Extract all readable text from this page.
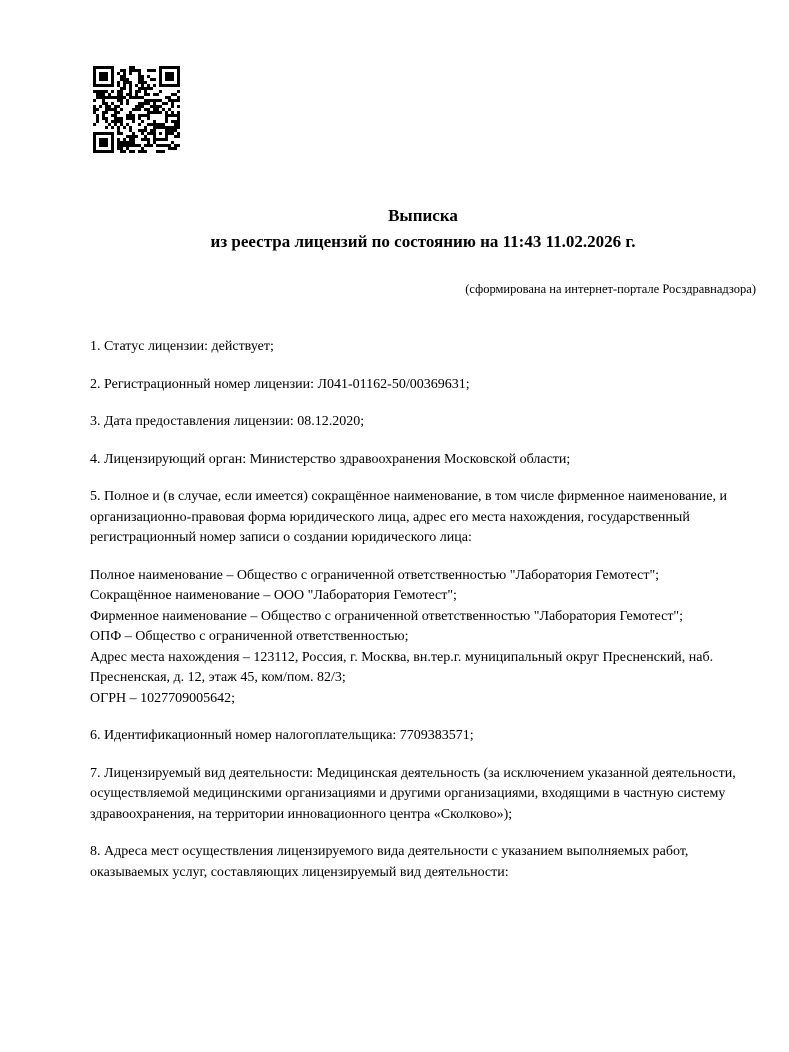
Выписка
из реестра лицензий по состоянию на 11:43 11.02.2026 г.
(сформирована на интернет-портале Росздравнадзора)
1. Статус лицензии: действует;
2. Регистрационный номер лицензии: Л041-01162-50/00369631;
3. Дата предоставления лицензии: 08.12.2020;
4. Лицензирующий орган: Министерство здравоохранения Московской области;
5. Полное и (в случае, если имеется) сокращённое наименование, в том числе фирменное наименование, и организационно-правовая форма юридического лица, адрес его места нахождения, государственный регистрационный номер записи о создании юридического лица:
Полное наименование – Общество с ограниченной ответственностью "Лаборатория Гемотест";
Сокращённое наименование – ООО "Лаборатория Гемотест";
Фирменное наименование – Общество с ограниченной ответственностью "Лаборатория Гемотест";
ОПФ – Общество с ограниченной ответственностью;
Адрес места нахождения – 123112, Россия, г. Москва, вн.тер.г. муниципальный округ Пресненский, наб. Пресненская, д. 12, этаж 45, ком/пом. 82/3;
ОГРН – 1027709005642;
6. Идентификационный номер налогоплательщика: 7709383571;
7. Лицензируемый вид деятельности: Медицинская деятельность (за исключением указанной деятельности, осуществляемой медицинскими организациями и другими организациями, входящими в частную систему здравоохранения, на территории инновационного центра «Сколково»);
8. Адреса мест осуществления лицензируемого вида деятельности с указанием выполняемых работ, оказываемых услуг, составляющих лицензируемый вид деятельности:
